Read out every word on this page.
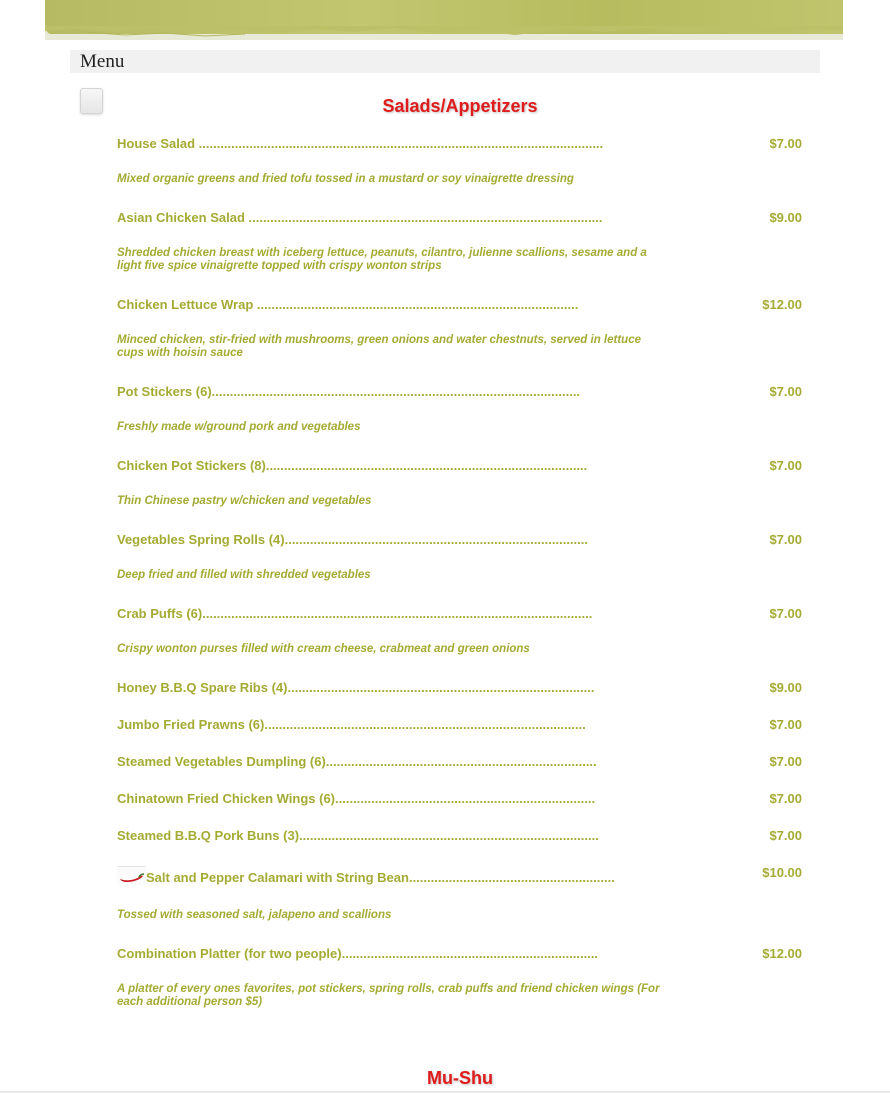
Menu
Salads/Appetizers
House Salad ................................................................................................................	$7.00
Mixed organic greens and fried tofu tossed in a mustard or soy vinaigrette dressing
Asian Chicken Salad ..................................................................................................	$9.00
Shredded chicken breast with iceberg lettuce, peanuts, cilantro, julienne scallions, sesame and a light five spice vinaigrette topped with crispy wonton strips
Chicken Lettuce Wrap .........................................................................................	$12.00
Minced chicken, stir-fried with mushrooms, green onions and water chestnuts, served in lettuce cups with hoisin sauce
Pot Stickers (6)......................................................................................................	$7.00
Freshly made w/ground pork and vegetables
Chicken Pot Stickers (8).........................................................................................	$7.00
Thin Chinese pastry w/chicken and vegetables
Vegetables Spring Rolls (4)....................................................................................	$7.00
Deep fried and filled with shredded vegetables
Crab Puffs (6)............................................................................................................	$7.00
Crispy wonton purses filled with cream cheese, crabmeat and green onions
Honey B.B.Q Spare Ribs (4).....................................................................................	$9.00
Jumbo Fried Prawns (6).........................................................................................	$7.00
Steamed Vegetables Dumpling (6)...........................................................................	$7.00
Chinatown Fried Chicken Wings (6)........................................................................	$7.00
Steamed B.B.Q Pork Buns (3)...................................................................................	$7.00
Salt and Pepper Calamari with String Bean.........................................................	$10.00
Tossed with seasoned salt, jalapeno and scallions
Combination Platter (for two people).......................................................................	$12.00
A platter of every ones favorites, pot stickers, spring rolls, crab puffs and friend chicken wings (For each additional person $5)
Mu-Shu
